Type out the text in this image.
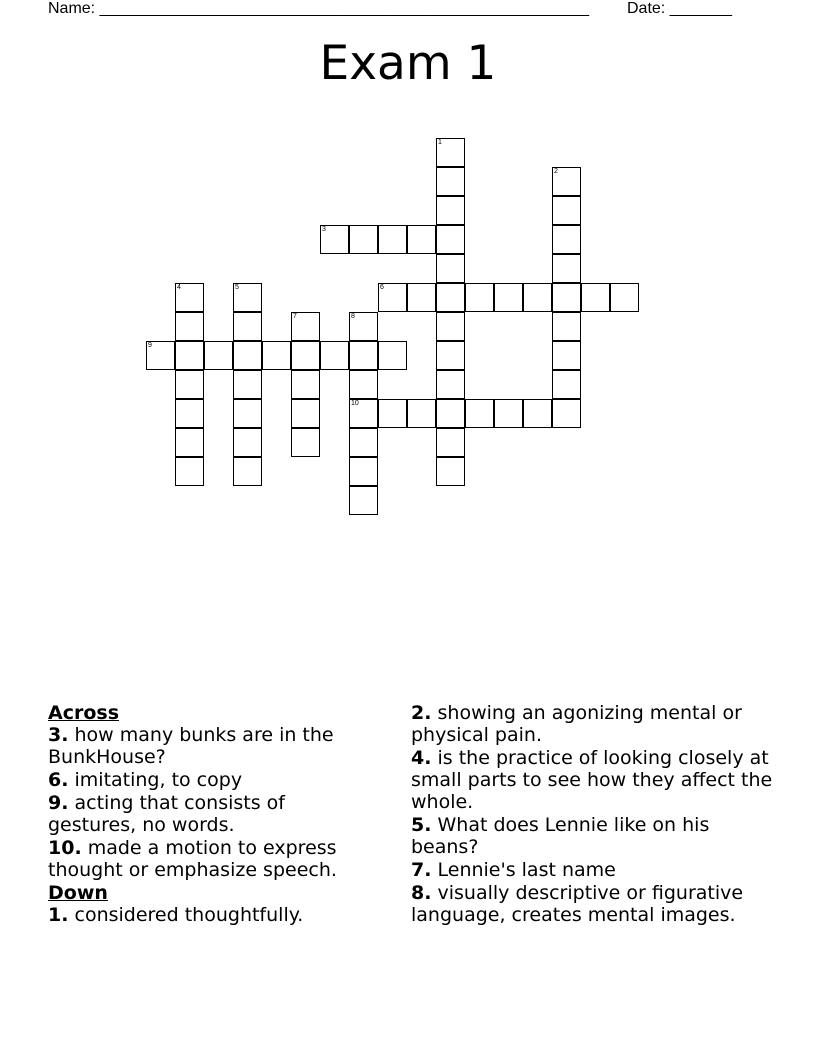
Name: _______________________________________________________ Date: _______
Exam 1
1
2
3
4	5	6
7	8
10
9
Across
3. how many bunks are in the BunkHouse?
6. imitating, to copy
9. acting that consists of gestures, no words.
10. made a motion to express thought or emphasize speech.
Down
1. considered thoughtfully.
2. showing an agonizing mental or physical pain.
4. is the practice of looking closely at small parts to see how they affect the whole.
5. What does Lennie like on his beans?
7. Lennie's last name
8. visually descriptive or figurative language, creates mental images.
